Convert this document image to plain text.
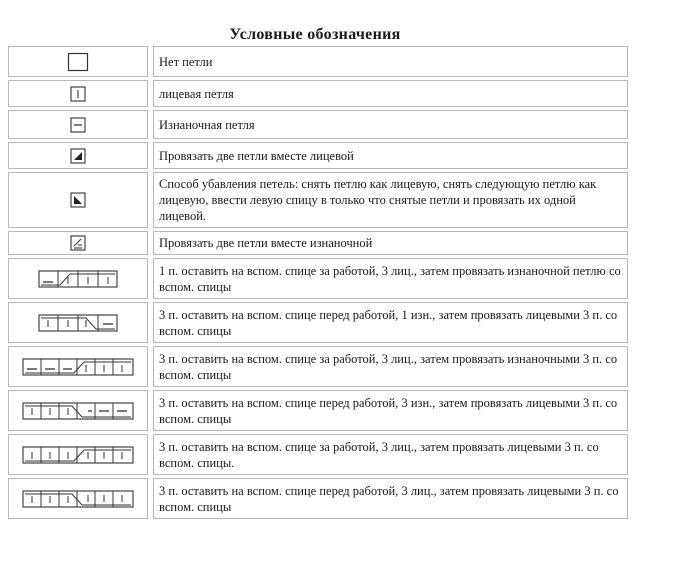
Условные обозначения
Нет петли
лицевая петля
Изнаночная петля
Провязать две петли вместе лицевой
Способ убавления петель: снять петлю как лицевую, снять следующую петлю как лицевую, ввести левую спицу в только что снятые петли и провязать их одной лицевой.
Провязать две петли вместе изнаночной
1 п. оставить на вспом. спице за работой, 3 лиц., затем провязать изнаночной петлю со вспом. спицы
3 п. оставить на вспом. спице перед работой, 1 изн., затем провязать лицевыми 3 п. со вспом. спицы
3 п. оставить на вспом. спице за работой, 3 лиц., затем провязать изнаночными 3 п. со вспом. спицы
3 п. оставить на вспом. спице перед работой, 3 изн., затем провязать лицевыми 3 п. со вспом. спицы
3 п. оставить на вспом. спице за работой, 3 лиц., затем провязать лицевыми 3 п. со вспом. спицы.
3 п. оставить на вспом. спице перед работой, 3 лиц., затем провязать лицевыми 3 п. со вспом. спицы
